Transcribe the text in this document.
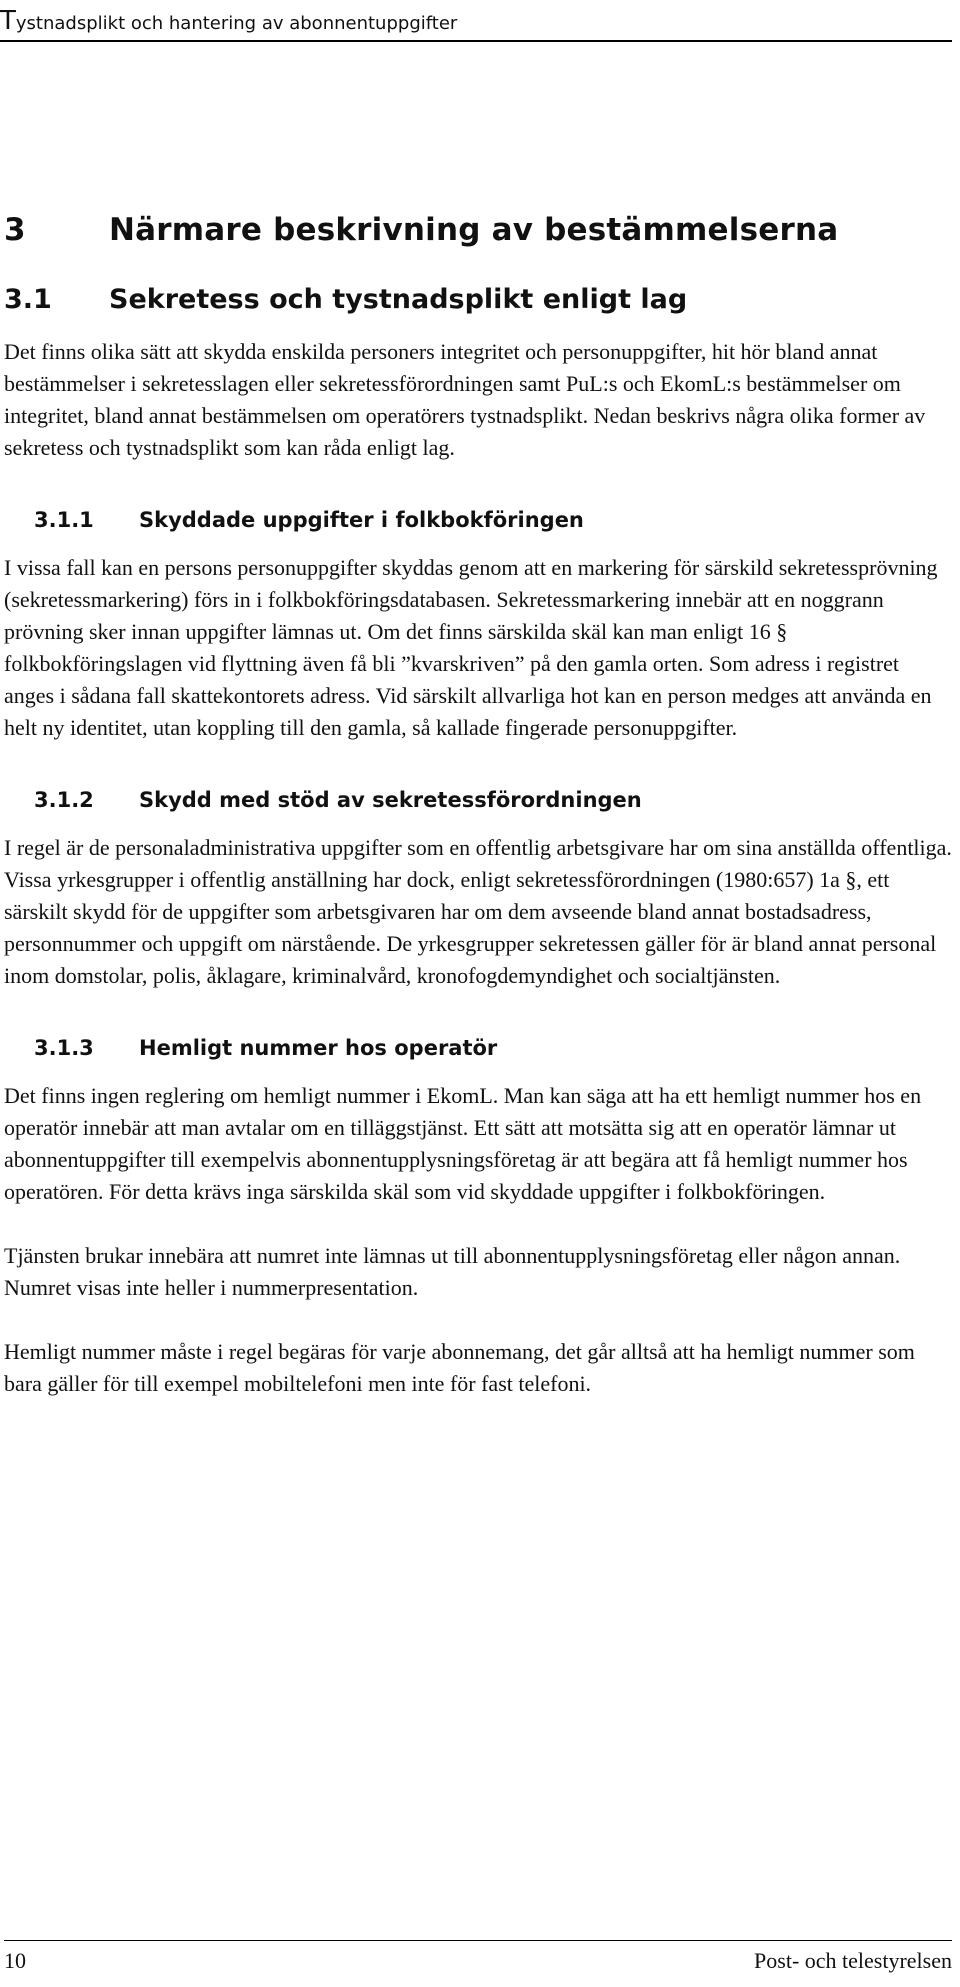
Tystnadsplikt och hantering av abonnentuppgifter
3	Närmare beskrivning av bestämmelserna
3.1 Sekretess och tystnadsplikt enligt lag

Det finns olika sätt att skydda enskilda personers integritet och personuppgifter, hit hör bland annat bestämmelser i sekretesslagen eller sekretessförordningen samt PuL:s och EkomL:s bestämmelser om integritet, bland annat bestämmelsen om operatörers tystnadsplikt. Nedan beskrivs några olika former av sekretess och tystnadsplikt som kan råda enligt lag.

3.1.1 Skyddade uppgifter i folkbokföringen

I vissa fall kan en persons personuppgifter skyddas genom att en markering för särskild sekretessprövning (sekretessmarkering) förs in i folkbokföringsdatabasen. Sekretessmarkering innebär att en noggrann prövning sker innan uppgifter lämnas ut. Om det finns särskilda skäl kan man enligt 16 § folkbokföringslagen vid flyttning även få bli ”kvarskriven” på den gamla orten. Som adress i registret anges i sådana fall skattekontorets adress. Vid särskilt allvarliga hot kan en person medges att använda en helt ny identitet, utan koppling till den gamla, så kallade fingerade personuppgifter.

3.1.2 Skydd med stöd av sekretessförordningen

I regel är de personaladministrativa uppgifter som en offentlig arbetsgivare har om sina anställda offentliga. Vissa yrkesgrupper i offentlig anställning har dock, enligt sekretessförordningen (1980:657) 1a §, ett särskilt skydd för de uppgifter som arbetsgivaren har om dem avseende bland annat bostadsadress, personnummer och uppgift om närstående. De yrkesgrupper sekretessen gäller för är bland annat personal inom domstolar, polis, åklagare, kriminalvård, kronofogdemyndighet och socialtjänsten.

3.1.3 Hemligt nummer hos operatör

Det finns ingen reglering om hemligt nummer i EkomL. Man kan säga att ha ett hemligt nummer hos en operatör innebär att man avtalar om en tilläggstjänst. Ett sätt att motsätta sig att en operatör lämnar ut abonnentuppgifter till exempelvis abonnentupplysningsföretag är att begära att få hemligt nummer hos operatören. För detta krävs inga särskilda skäl som vid skyddade uppgifter i folkbokföringen.

Tjänsten brukar innebära att numret inte lämnas ut till abonnentupplysningsföretag eller någon annan. Numret visas inte heller i nummerpresentation.

Hemligt nummer måste i regel begäras för varje abonnemang, det går alltså att ha hemligt nummer som bara gäller för till exempel mobiltelefoni men inte för fast telefoni.

10	Post- och telestyrelsen
